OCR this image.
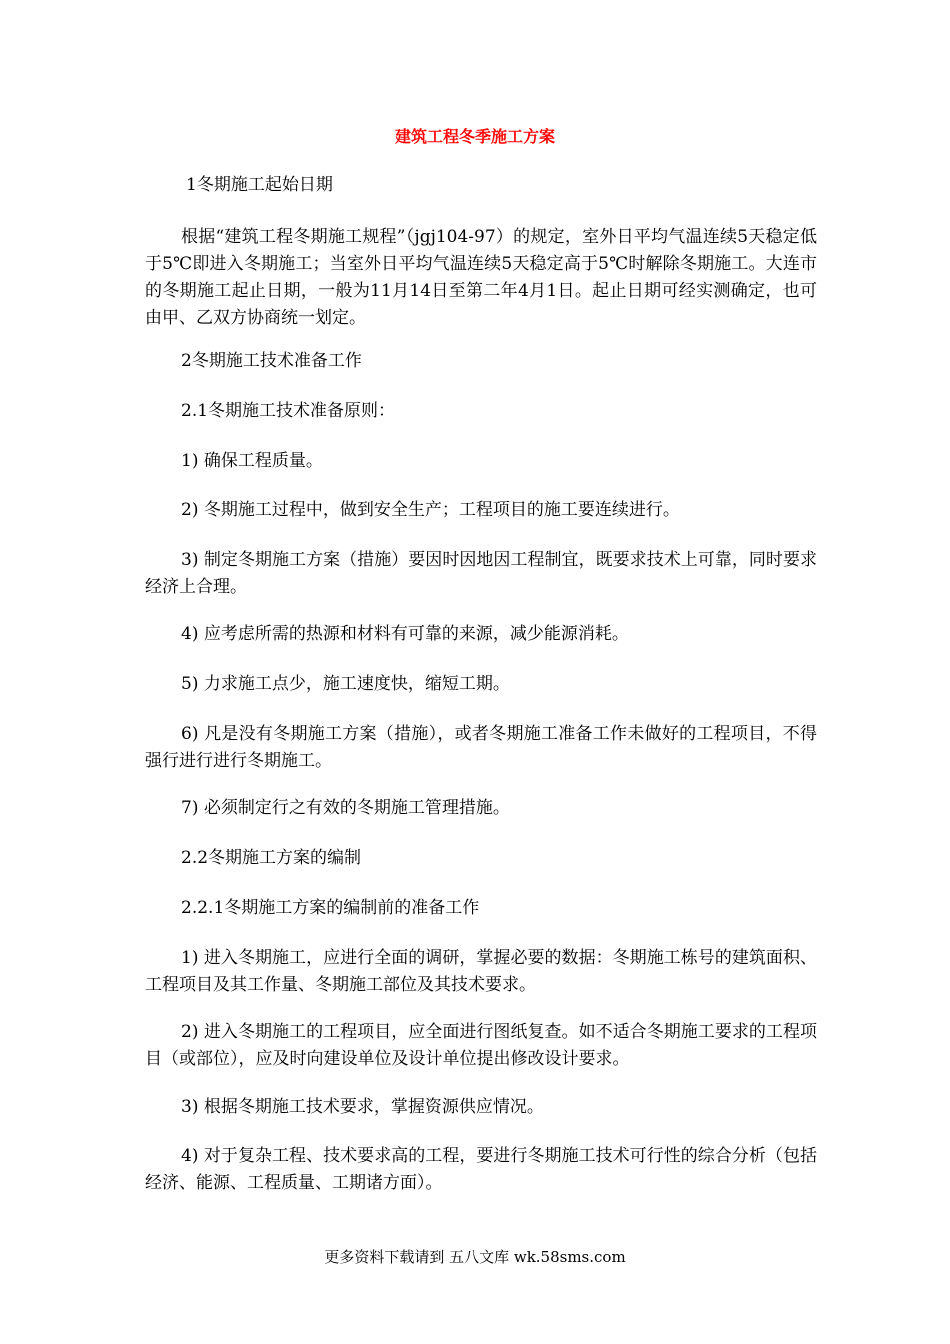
建筑工程冬季施工方案

1冬期施工起始日期

根据“建筑工程冬期施工规程”（jgj104-97）的规定，室外日平均气温连续5天稳定低于5℃即进入冬期施工；当室外日平均气温连续5天稳定高于5℃时解除冬期施工。大连市的冬期施工起止日期，一般为11月14日至第二年4月1日。起止日期可经实测确定，也可由甲、乙双方协商统一划定。

2冬期施工技术准备工作

2.1冬期施工技术准备原则：

1) 确保工程质量。

2) 冬期施工过程中，做到安全生产；工程项目的施工要连续进行。

3) 制定冬期施工方案（措施）要因时因地因工程制宜，既要求技术上可靠，同时要求经济上合理。

4) 应考虑所需的热源和材料有可靠的来源，减少能源消耗。

5) 力求施工点少，施工速度快，缩短工期。

6) 凡是没有冬期施工方案（措施），或者冬期施工准备工作未做好的工程项目，不得强行进行进行冬期施工。

7) 必须制定行之有效的冬期施工管理措施。

2.2冬期施工方案的编制

2.2.1冬期施工方案的编制前的准备工作

1) 进入冬期施工，应进行全面的调研，掌握必要的数据：冬期施工栋号的建筑面积、工程项目及其工作量、冬期施工部位及其技术要求。

2) 进入冬期施工的工程项目，应全面进行图纸复查。如不适合冬期施工要求的工程项目（或部位），应及时向建设单位及设计单位提出修改设计要求。

3) 根据冬期施工技术要求，掌握资源供应情况。

4) 对于复杂工程、技术要求高的工程，要进行冬期施工技术可行性的综合分析（包括经济、能源、工程质量、工期诸方面）。

更多资料下载请到 五八文库 wk.58sms.com
